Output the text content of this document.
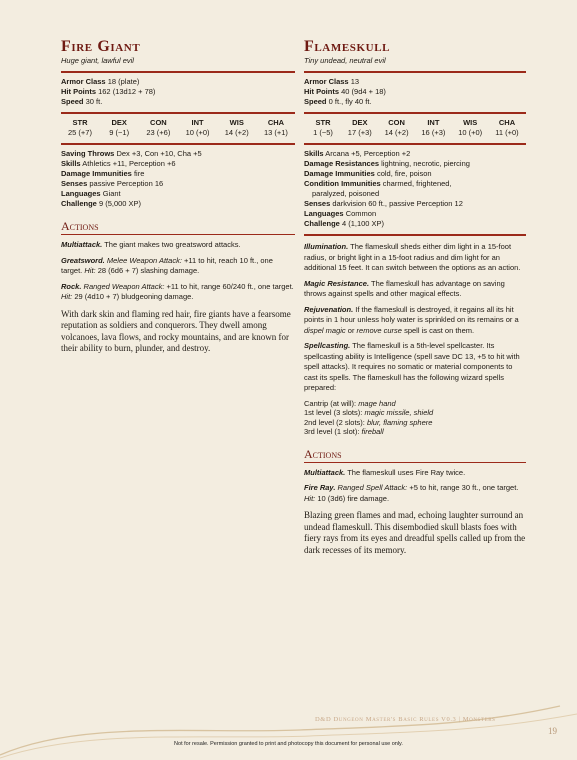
Fire Giant
Huge giant, lawful evil
Armor Class 18 (plate)
Hit Points 162 (13d12 + 78)
Speed 30 ft.
STR
25 (+7)
DEX
9 (−1)
CON
23 (+6)
INT
10 (+0)
WIS
14 (+2)
CHA
13 (+1)
Saving Throws Dex +3, Con +10, Cha +5
Skills Athletics +11, Perception +6
Damage Immunities fire
Senses passive Perception 16
Languages Giant
Challenge 9 (5,000 XP)
Actions
Multiattack. The giant makes two greatsword attacks.
Greatsword. Melee Weapon Attack: +11 to hit, reach 10 ft., one target. Hit: 28 (6d6 + 7) slashing damage.
Rock. Ranged Weapon Attack: +11 to hit, range 60/240 ft., one target. Hit: 29 (4d10 + 7) bludgeoning damage.
With dark skin and flaming red hair, fire giants have a fearsome reputation as soldiers and conquerors. They dwell among volcanoes, lava flows, and rocky mountains, and are known for their ability to burn, plunder, and destroy.
Flameskull
Tiny undead, neutral evil
Armor Class 13
Hit Points 40 (9d4 + 18)
Speed 0 ft., fly 40 ft.
STR
1 (−5)
DEX
17 (+3)
CON
14 (+2)
INT
16 (+3)
WIS
10 (+0)
CHA
11 (+0)
Skills Arcana +5, Perception +2
Damage Resistances lightning, necrotic, piercing
Damage Immunities cold, fire, poison
Condition Immunities charmed, frightened,
paralyzed, poisoned
Senses darkvision 60 ft., passive Perception 12
Languages Common
Challenge 4 (1,100 XP)
Illumination. The flameskull sheds either dim light in a 15-foot radius, or bright light in a 15-foot radius and dim light for an additional 15 feet. It can switch between the options as an action.
Magic Resistance. The flameskull has advantage on saving throws against spells and other magical effects.
Rejuvenation. If the flameskull is destroyed, it regains all its hit points in 1 hour unless holy water is sprinkled on its remains or a dispel magic or remove curse spell is cast on them.
Spellcasting. The flameskull is a 5th-level spellcaster. Its spellcasting ability is Intelligence (spell save DC 13, +5 to hit with spell attacks). It requires no somatic or material components to cast its spells. The flameskull has the following wizard spells prepared:
Cantrip (at will): mage hand
1st level (3 slots): magic missile, shield
2nd level (2 slots): blur, flaming sphere
3rd level (1 slot): fireball
Actions
Multiattack. The flameskull uses Fire Ray twice.
Fire Ray. Ranged Spell Attack: +5 to hit, range 30 ft., one target. Hit: 10 (3d6) fire damage.
Blazing green flames and mad, echoing laughter surround an undead flameskull. This disembodied skull blasts foes with fiery rays from its eyes and dreadful spells called up from the dark recesses of its memory.
D&D Dungeon Master's Basic Rules V0.3 | Monsters
19
Not for resale. Permission granted to print and photocopy this document for personal use only.
